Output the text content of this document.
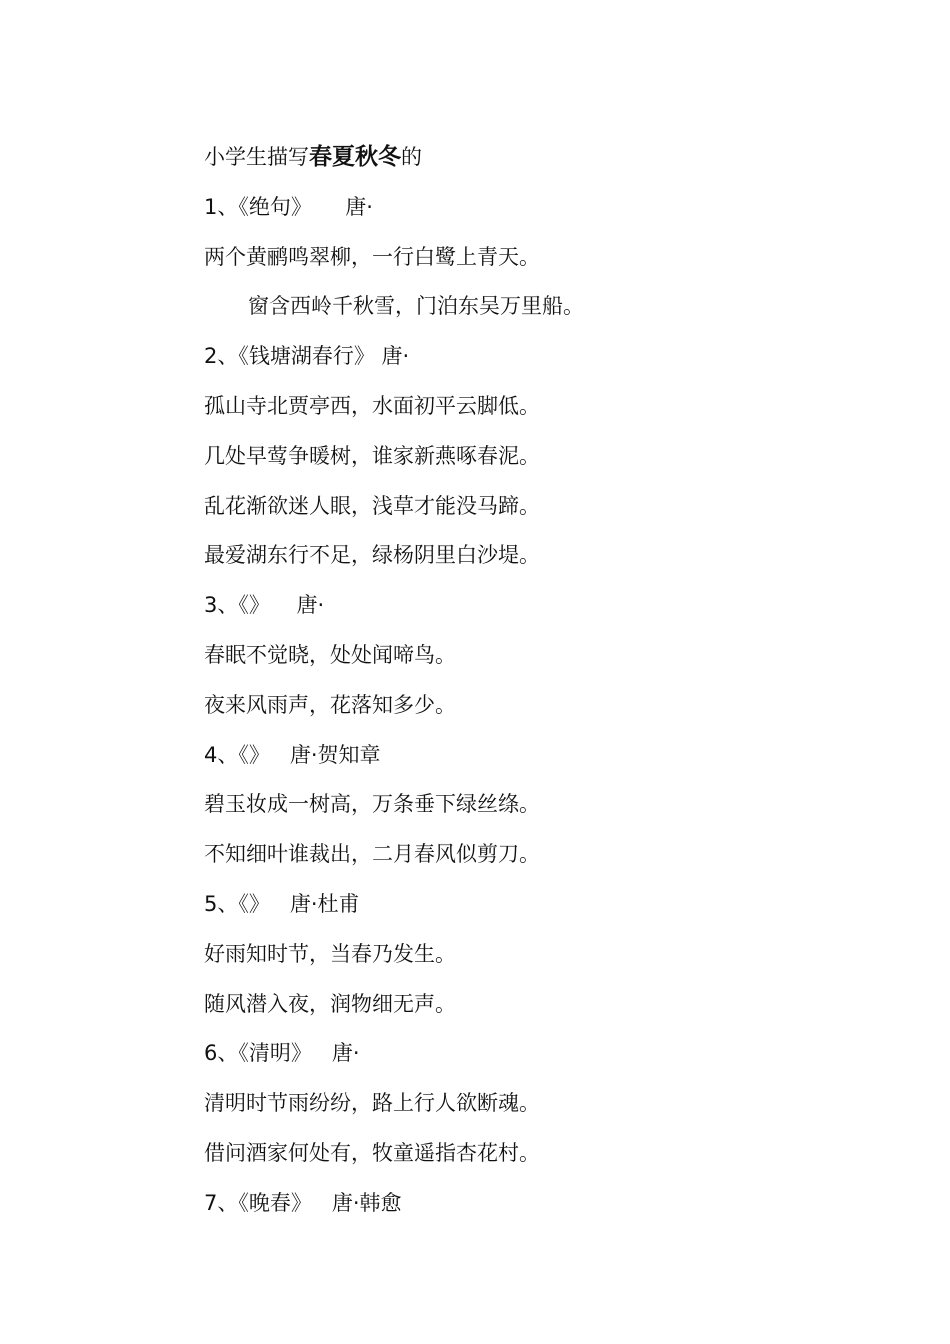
小学生描写春夏秋冬的
1、《绝句》     唐·
两个黄鹂鸣翠柳，一行白鹭上青天。
窗含西岭千秋雪，门泊东吴万里船。
2、《钱塘湖春行》 唐·
孤山寺北贾亭西，水面初平云脚低。
几处早莺争暖树，谁家新燕啄春泥。
乱花渐欲迷人眼，浅草才能没马蹄。
最爱湖东行不足，绿杨阴里白沙堤。
3、《》    唐·
春眠不觉晓，处处闻啼鸟。
夜来风雨声，花落知多少。
4、《》   唐·贺知章
碧玉妆成一树高，万条垂下绿丝绦。
不知细叶谁裁出，二月春风似剪刀。
5、《》   唐·杜甫
好雨知时节，当春乃发生。
随风潜入夜，润物细无声。
6、《清明》   唐·
清明时节雨纷纷，路上行人欲断魂。
借问酒家何处有，牧童遥指杏花村。
7、《晚春》   唐·韩愈
